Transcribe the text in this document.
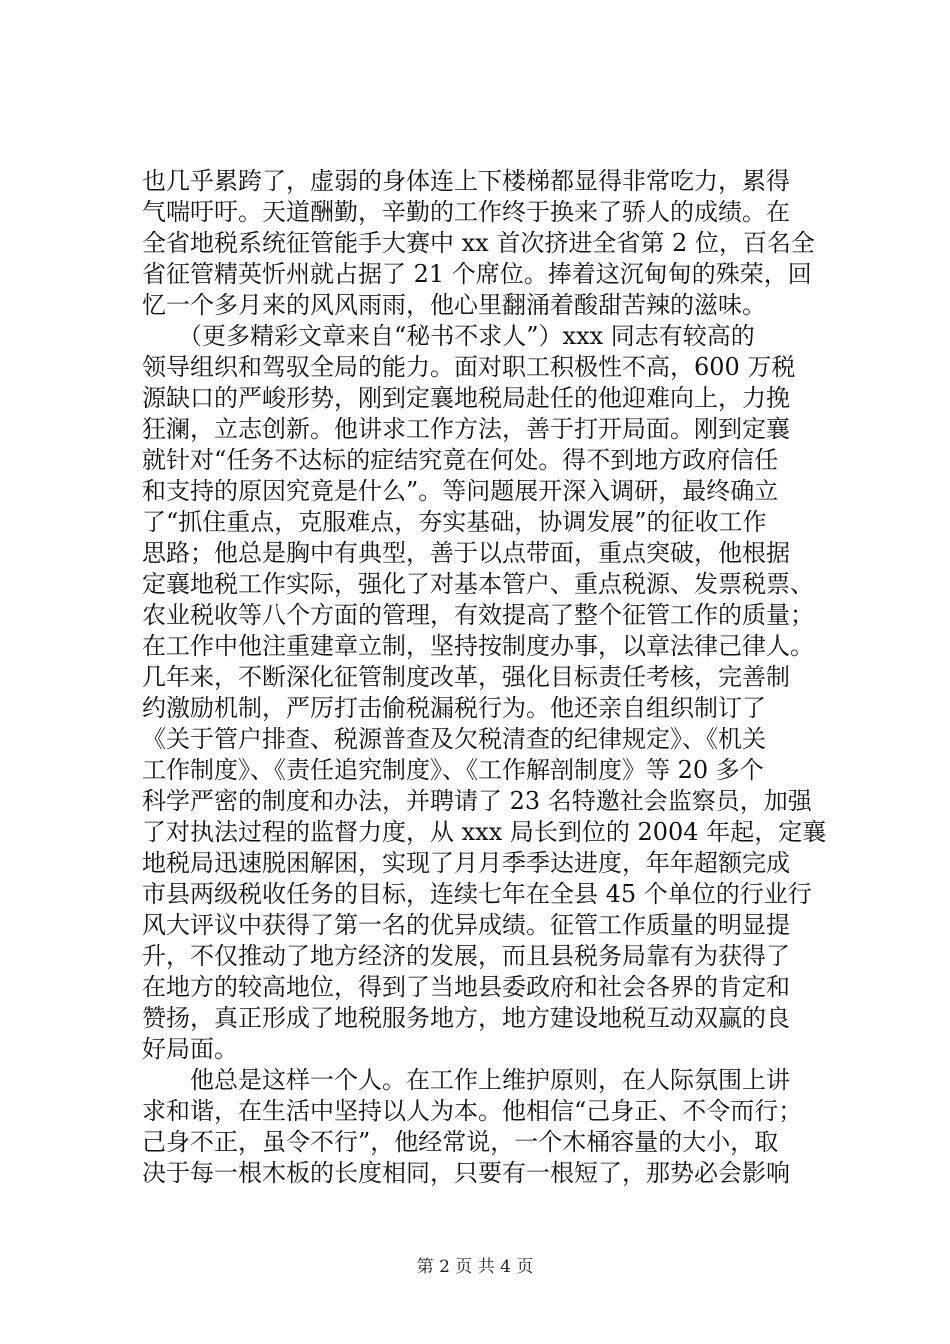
也几乎累跨了，虚弱的身体连上下楼梯都显得非常吃力，累得
气喘吁吁。天道酬勤，辛勤的工作终于换来了骄人的成绩。在
全省地税系统征管能手大赛中 xx 首次挤进全省第 2 位，百名全
省征管精英忻州就占据了 21 个席位。捧着这沉甸甸的殊荣，回
忆一个多月来的风风雨雨，他心里翻涌着酸甜苦辣的滋味。
　　（更多精彩文章来自“秘书不求人”）xxx 同志有较高的
领导组织和驾驭全局的能力。面对职工积极性不高，600 万税
源缺口的严峻形势，刚到定襄地税局赴任的他迎难向上，力挽
狂澜，立志创新。他讲求工作方法，善于打开局面。刚到定襄
就针对“任务不达标的症结究竟在何处。得不到地方政府信任
和支持的原因究竟是什么”。等问题展开深入调研，最终确立
了“抓住重点，克服难点，夯实基础，协调发展”的征收工作
思路；他总是胸中有典型，善于以点带面，重点突破，他根据
定襄地税工作实际，强化了对基本管户、重点税源、发票税票、
农业税收等八个方面的管理，有效提高了整个征管工作的质量；
在工作中他注重建章立制，坚持按制度办事，以章法律己律人。
几年来，不断深化征管制度改革，强化目标责任考核，完善制
约激励机制，严厉打击偷税漏税行为。他还亲自组织制订了
《关于管户排查、税源普查及欠税清查的纪律规定》、《机关
工作制度》、《责任追究制度》、《工作解剖制度》等 20 多个
科学严密的制度和办法，并聘请了 23 名特邀社会监察员，加强
了对执法过程的监督力度，从 xxx 局长到位的 2004 年起，定襄
地税局迅速脱困解困，实现了月月季季达进度，年年超额完成
市县两级税收任务的目标，连续七年在全县 45 个单位的行业行
风大评议中获得了第一名的优异成绩。征管工作质量的明显提
升，不仅推动了地方经济的发展，而且县税务局靠有为获得了
在地方的较高地位，得到了当地县委政府和社会各界的肯定和
赞扬，真正形成了地税服务地方，地方建设地税互动双赢的良
好局面。
　　他总是这样一个人。在工作上维护原则，在人际氛围上讲
求和谐，在生活中坚持以人为本。他相信“己身正、不令而行；
己身不正，虽令不行”，他经常说，一个木桶容量的大小，取
决于每一根木板的长度相同，只要有一根短了，那势必会影响
第 2 页 共 4 页
